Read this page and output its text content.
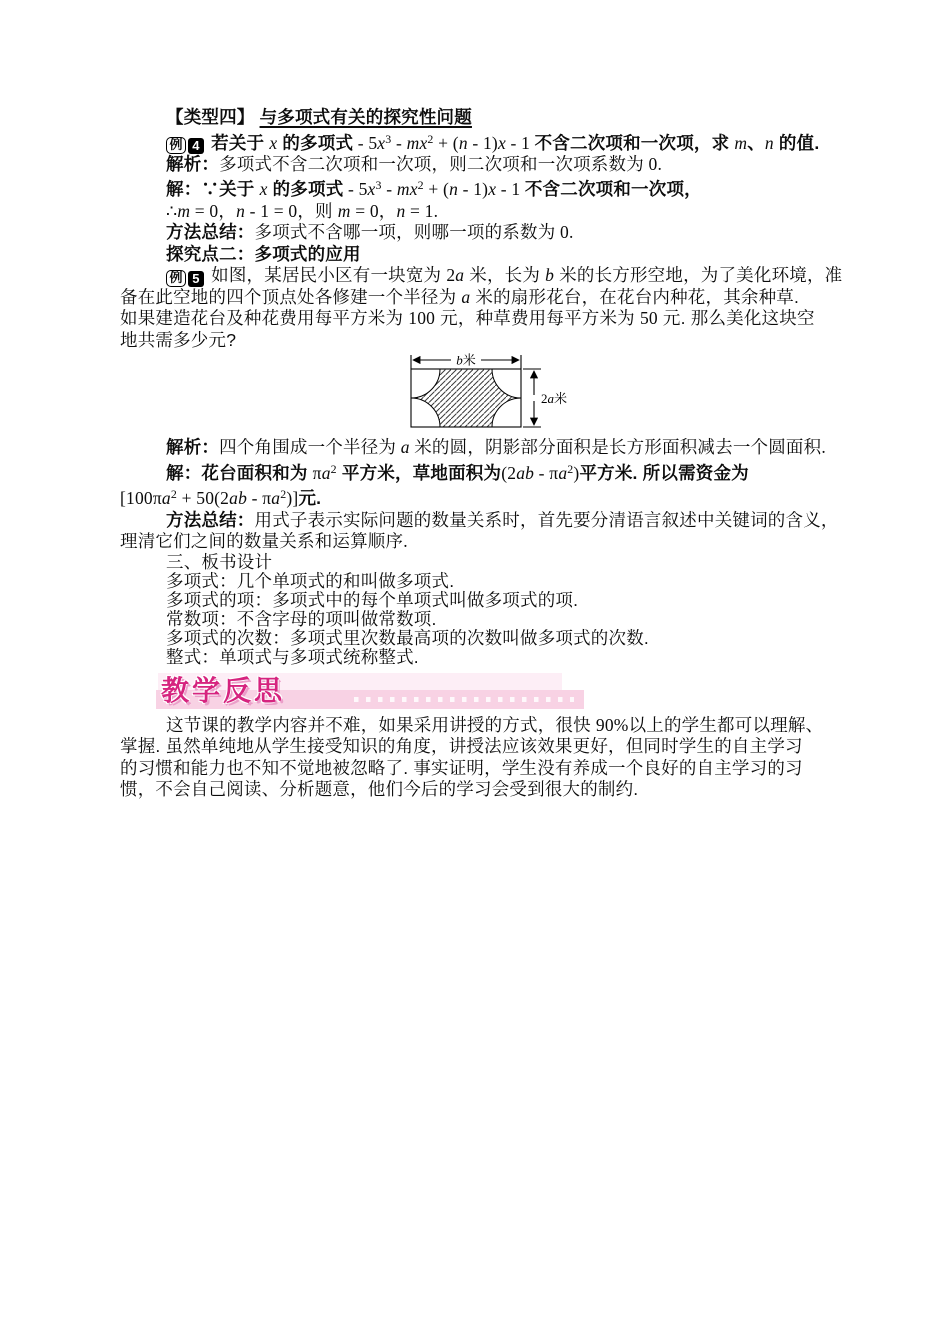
【类型四】 与多项式有关的探究性问题
例 4 若关于 x 的多项式 - $5x^3 - mx^2 + (n - 1)x - 1$ 不含二次项和一次项，求 m、n 的值.
解析：多项式不含二次项和一次项，则二次项和一次项系数为 0.
解：∵关于 x 的多项式 - $5x^3 - mx^2 + (n - 1)x - 1$ 不含二次项和一次项，
∴m = 0，n - 1 = 0，则 m = 0，n = 1.
方法总结：多项式不含哪一项，则哪一项的系数为 0.
探究点二：多项式的应用
例 5 如图，某居民小区有一块宽为 2a 米，长为 b 米的长方形空地，为了美化环境，准
备在此空地的四个顶点处各修建一个半径为 a 米的扇形花台，在花台内种花，其余种草.
如果建造花台及种花费用每平方米为 100 元，种草费用每平方米为 50 元. 那么美化这块空
地共需多少元?
b米
2a米
解析：四个角围成一个半径为 a 米的圆，阴影部分面积是长方形面积减去一个圆面积.
解：花台面积和为 $\pi a^2$ 平方米，草地面积为$(2ab - \pi a^2)$平方米. 所以需资金为
$[100\pi a^2 + 50(2ab - \pi a^2)]$元.
方法总结：用式子表示实际问题的数量关系时，首先要分清语言叙述中关键词的含义，
理清它们之间的数量关系和运算顺序.
三、板书设计
多项式：几个单项式的和叫做多项式.
多项式的项：多项式中的每个单项式叫做多项式的项.
常数项：不含字母的项叫做常数项.
多项式的次数：多项式里次数最高项的次数叫做多项式的次数.
整式：单项式与多项式统称整式.
教学反思
这节课的教学内容并不难，如果采用讲授的方式，很快 90%以上的学生都可以理解、
掌握. 虽然单纯地从学生接受知识的角度，讲授法应该效果更好，但同时学生的自主学习
的习惯和能力也不知不觉地被忽略了. 事实证明，学生没有养成一个良好的自主学习的习
惯，不会自己阅读、分析题意，他们今后的学习会受到很大的制约.
